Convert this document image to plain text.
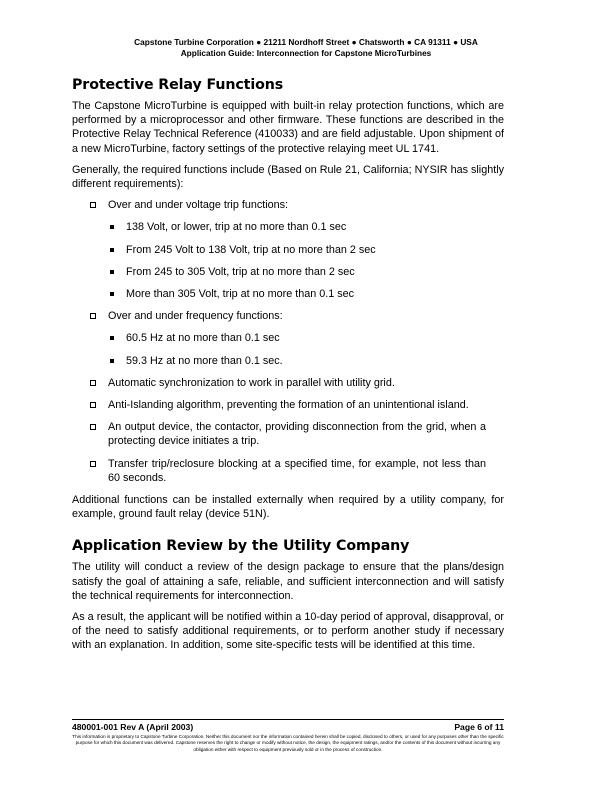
Capstone Turbine Corporation ● 21211 Nordhoff Street ● Chatsworth ● CA 91311 ● USA
Application Guide: Interconnection for Capstone MicroTurbines
Protective Relay Functions

The Capstone MicroTurbine is equipped with built-in relay protection functions, which are performed by a microprocessor and other firmware. These functions are described in the Protective Relay Technical Reference (410033) and are field adjustable. Upon shipment of a new MicroTurbine, factory settings of the protective relaying meet UL 1741.

Generally, the required functions include (Based on Rule 21, California; NYSIR has slightly different requirements):

Over and under voltage trip functions:
138 Volt, or lower, trip at no more than 0.1 sec
From 245 Volt to 138 Volt, trip at no more than 2 sec
From 245 to 305 Volt, trip at no more than 2 sec
More than 305 Volt, trip at no more than 0.1 sec
Over and under frequency functions:
60.5 Hz at no more than 0.1 sec
59.3 Hz at no more than 0.1 sec.
Automatic synchronization to work in parallel with utility grid.
Anti-Islanding algorithm, preventing the formation of an unintentional island.
An output device, the contactor, providing disconnection from the grid, when a protecting device initiates a trip.
Transfer trip/reclosure blocking at a specified time, for example, not less than 60 seconds.

Additional functions can be installed externally when required by a utility company, for example, ground fault relay (device 51N).

Application Review by the Utility Company

The utility will conduct a review of the design package to ensure that the plans/design satisfy the goal of attaining a safe, reliable, and sufficient interconnection and will satisfy the technical requirements for interconnection.

As a result, the applicant will be notified within a 10-day period of approval, disapproval, or of the need to satisfy additional requirements, or to perform another study if necessary with an explanation. In addition, some site-specific tests will be identified at this time.

480001-001 Rev A (April 2003)	Page 6 of 11
This information is proprietary to Capstone Turbine Corporation. Neither this document nor the information contained herein shall be copied, disclosed to others, or used for any purposes other than the specific purpose for which this document was delivered. Capstone reserves the right to change or modify without notice, the design, the equipment ratings, and/or the contents of this document without incurring any obligation either with respect to equipment previously sold or in the process of construction.
